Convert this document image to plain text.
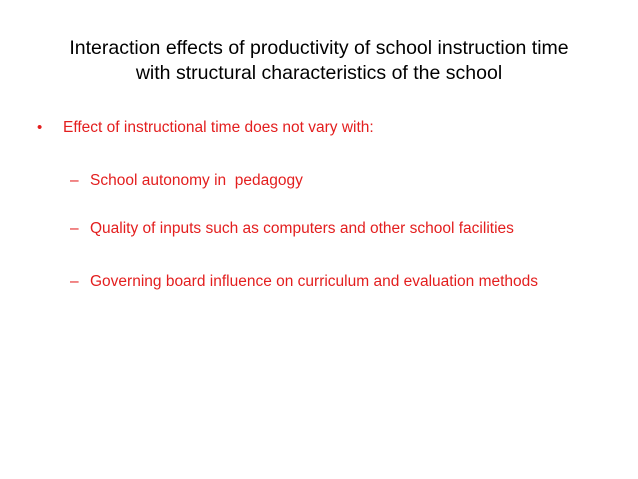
Interaction effects of productivity of school instruction time
with structural characteristics of the school
•	Effect of instructional time does not vary with:
– School autonomy in  pedagogy
– Quality of inputs such as computers and other school facilities
– Governing board influence on curriculum and evaluation methods
